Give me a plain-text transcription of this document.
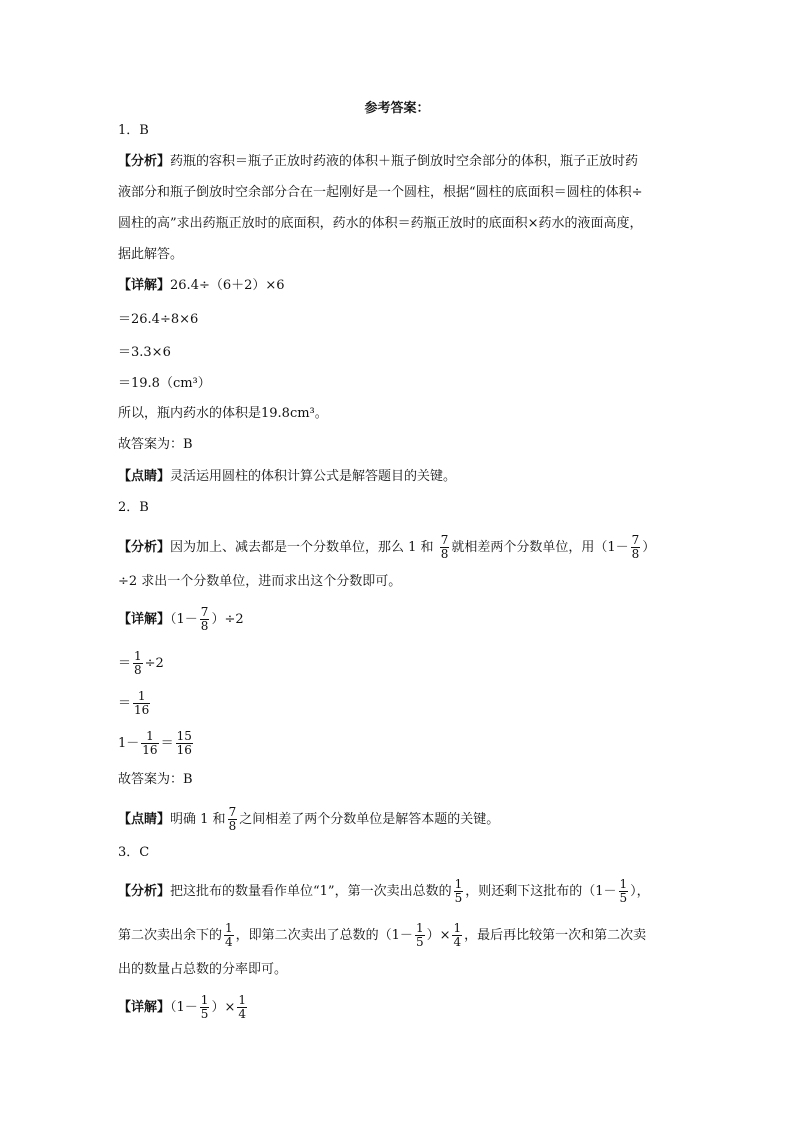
参考答案：
1．B
【分析】药瓶的容积＝瓶子正放时药液的体积＋瓶子倒放时空余部分的体积，瓶子正放时药
液部分和瓶子倒放时空余部分合在一起刚好是一个圆柱，根据“圆柱的底面积＝圆柱的体积÷
圆柱的高”求出药瓶正放时的底面积，药水的体积＝药瓶正放时的底面积×药水的液面高度，
据此解答。
【详解】26.4÷（6＋2）×6
＝26.4÷8×6
＝3.3×6
＝19.8（cm³）
所以，瓶内药水的体积是19.8cm³。
故答案为：B
【点睛】灵活运用圆柱的体积计算公式是解答题目的关键。
2．B
【分析】因为加上、减去都是一个分数单位，那么 1 和 $\frac{7}{8}$ 就相差两个分数单位，用（$1- \frac{7}{8}$ ）
÷2 求出一个分数单位，进而求出这个分数即可。
【详解】$(1- \frac{7}{8} )\div 2$
＝ $\frac{1}{8} \div 2$
＝ $\frac{1}{16}$
$1- \frac{1}{16} = \frac{15}{16}$
故答案为：B
【点睛】明确 1 和 $\frac{7}{8}$ 之间相差了两个分数单位是解答本题的关键。
3．C
【分析】把这批布的数量看作单位“1”，第一次卖出总数的 $\frac{1}{5}$ ，则还剩下这批布的（$1- \frac{1}{5}$ ），
第二次卖出余下的 $\frac{1}{4}$ ，即第二次卖出了总数的（$1- \frac{1}{5}$ ）× $\frac{1}{4}$ ，最后再比较第一次和第二次卖
出的数量占总数的分率即可。
【详解】（$1- \frac{1}{5}$ ）× $\frac{1}{4}$
